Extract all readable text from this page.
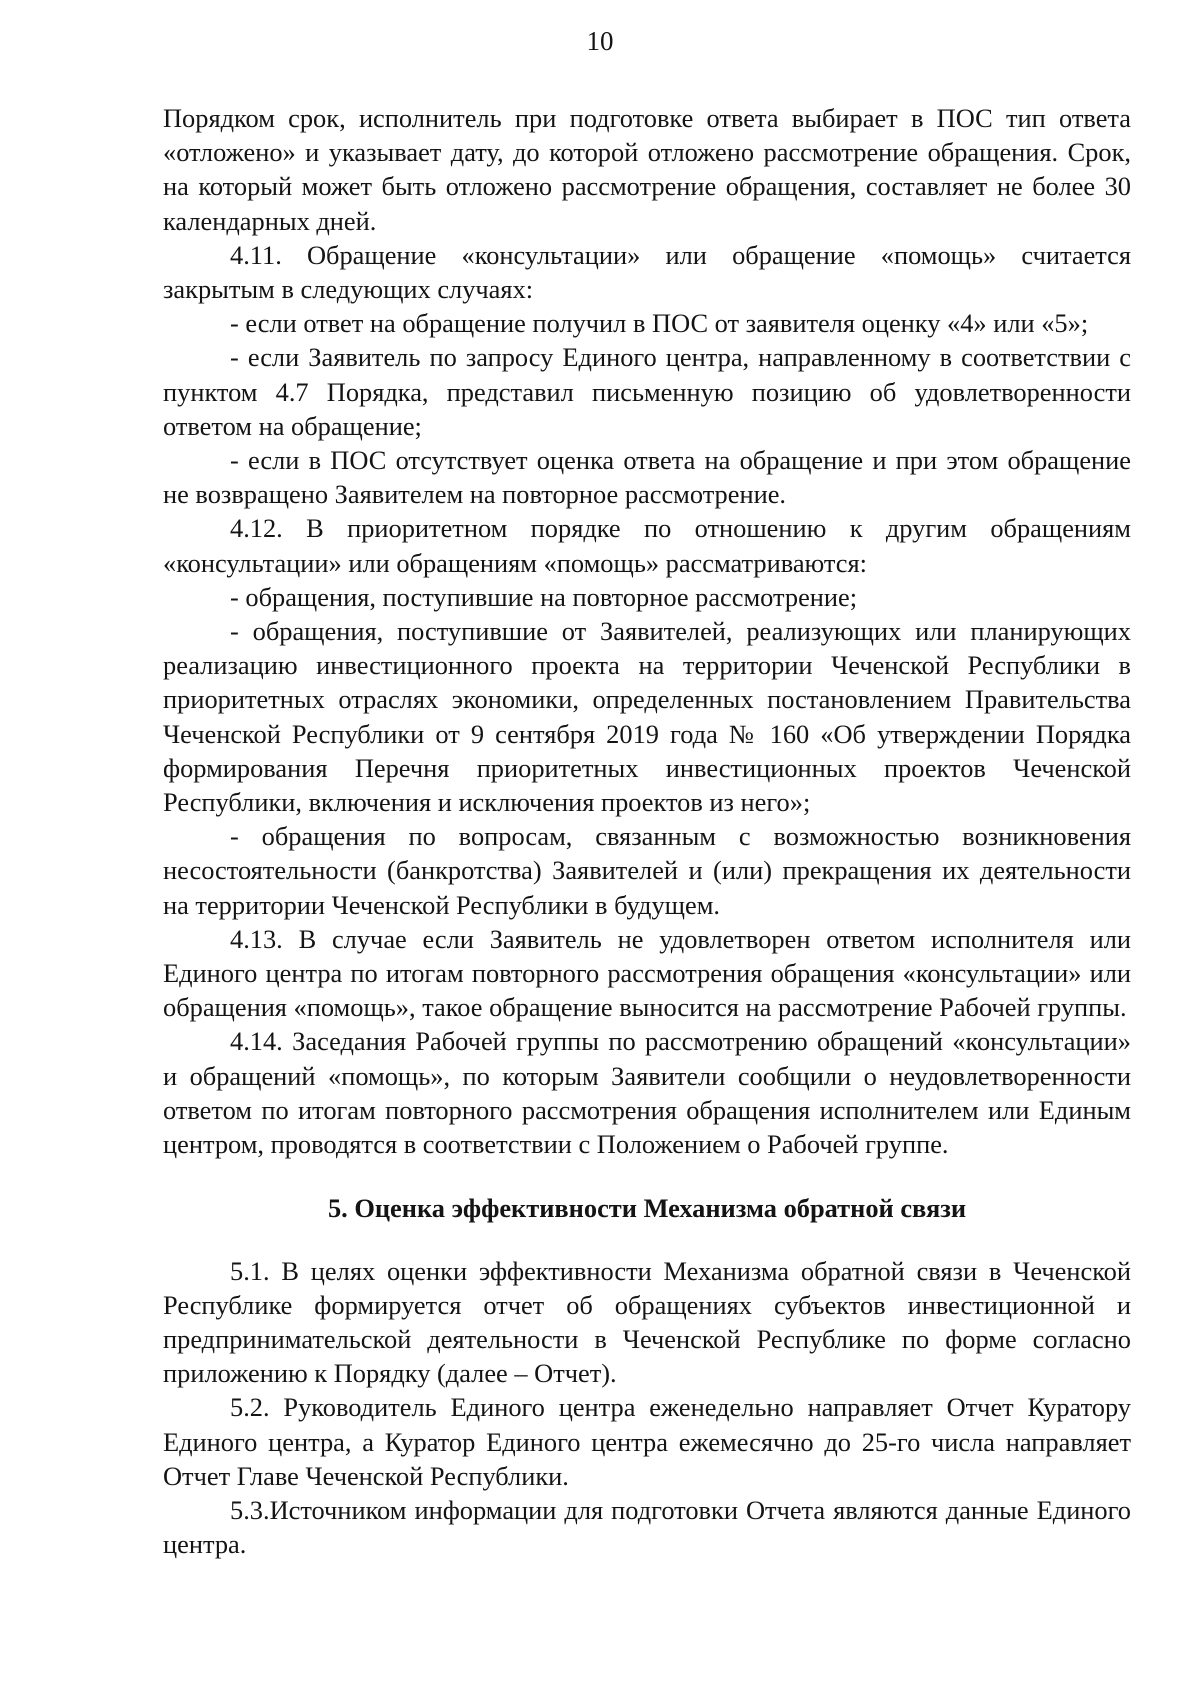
10

Порядком срок, исполнитель при подготовке ответа выбирает в ПОС тип ответа «отложено» и указывает дату, до которой отложено рассмотрение обращения. Срок, на который может быть отложено рассмотрение обращения, составляет не более 30 календарных дней.

4.11. Обращение «консультации» или обращение «помощь» считается закрытым в следующих случаях:

- если ответ на обращение получил в ПОС от заявителя оценку «4» или «5»;

- если Заявитель по запросу Единого центра, направленному в соответствии с пунктом 4.7 Порядка, представил письменную позицию об удовлетворенности ответом на обращение;

- если в ПОС отсутствует оценка ответа на обращение и при этом обращение не возвращено Заявителем на повторное рассмотрение.

4.12. В приоритетном порядке по отношению к другим обращениям «консультации» или обращениям «помощь» рассматриваются:

- обращения, поступившие на повторное рассмотрение;

- обращения, поступившие от Заявителей, реализующих или планирующих реализацию инвестиционного проекта на территории Чеченской Республики в приоритетных отраслях экономики, определенных постановлением Правительства Чеченской Республики от 9 сентября 2019 года № 160 «Об утверждении Порядка формирования Перечня приоритетных инвестиционных проектов Чеченской Республики, включения и исключения проектов из него»;

- обращения по вопросам, связанным с возможностью возникновения несостоятельности (банкротства) Заявителей и (или) прекращения их деятельности на территории Чеченской Республики в будущем.

4.13. В случае если Заявитель не удовлетворен ответом исполнителя или Единого центра по итогам повторного рассмотрения обращения «консультации» или обращения «помощь», такое обращение выносится на рассмотрение Рабочей группы.

4.14. Заседания Рабочей группы по рассмотрению обращений «консультации» и обращений «помощь», по которым Заявители сообщили о неудовлетворенности ответом по итогам повторного рассмотрения обращения исполнителем или Единым центром, проводятся в соответствии с Положением о Рабочей группе.

5. Оценка эффективности Механизма обратной связи

5.1. В целях оценки эффективности Механизма обратной связи в Чеченской Республике формируется отчет об обращениях субъектов инвестиционной и предпринимательской деятельности в Чеченской Республике по форме согласно приложению к Порядку (далее – Отчет).

5.2. Руководитель Единого центра еженедельно направляет Отчет Куратору Единого центра, а Куратор Единого центра ежемесячно до 25-го числа направляет Отчет Главе Чеченской Республики.

5.3.Источником информации для подготовки Отчета являются данные Единого центра.
